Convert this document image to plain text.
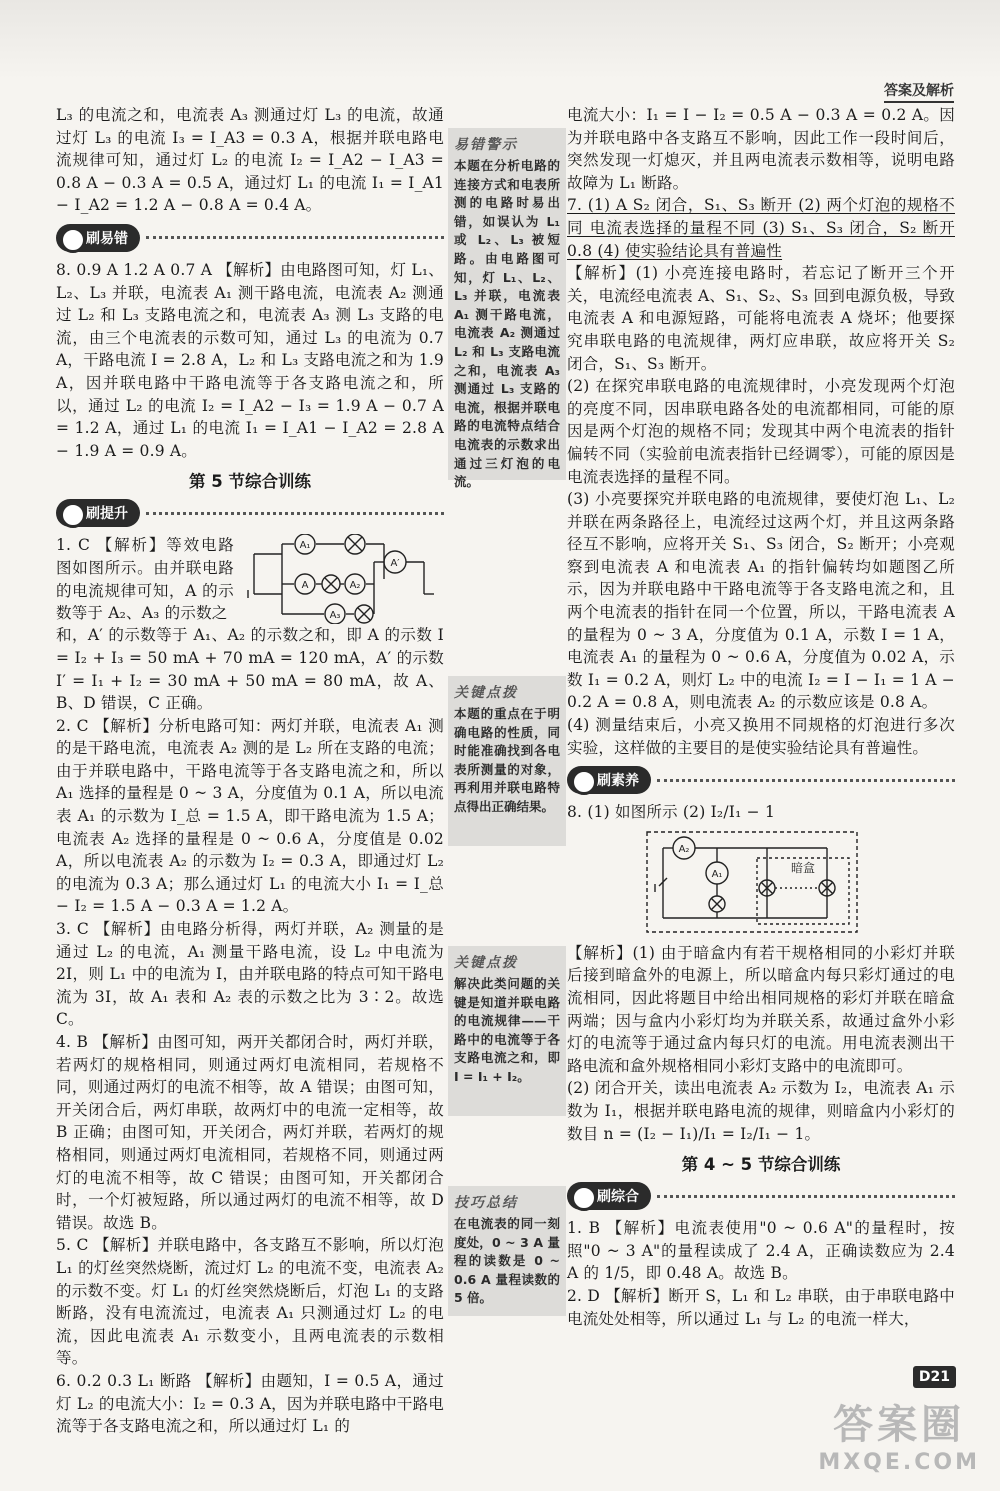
答案及解析

L₃ 的电流之和，电流表 A₃ 测通过灯 L₃ 的电流，故通过灯 L₃ 的电流 I₃ = I_A3 = 0.3 A，根据并联电路电流规律可知，通过灯 L₂ 的电流 I₂ = I_A2 − I_A3 = 0.8 A − 0.3 A = 0.5 A，通过灯 L₁ 的电流 I₁ = I_A1 − I_A2 = 1.2 A − 0.8 A = 0.4 A。

刷易错

8. 0.9 A 1.2 A 0.7 A 【解析】由电路图可知，灯 L₁、L₂、L₃ 并联，电流表 A₁ 测干路电流，电流表 A₂ 测通过 L₂ 和 L₃ 支路电流之和，电流表 A₃ 测 L₃ 支路的电流，由三个电流表的示数可知，通过 L₃ 的电流为 0.7 A，干路电流 I = 2.8 A，L₂ 和 L₃ 支路电流之和为 1.9 A，因并联电路中干路电流等于各支路电流之和，所以，通过 L₂ 的电流 I₂ = I_A2 − I₃ = 1.9 A − 0.7 A = 1.2 A，通过 L₁ 的电流 I₁ = I_A1 − I_A2 = 2.8 A − 1.9 A = 0.9 A。

第 5 节综合训练
刷提升

1. C 【解析】等效电路图如图所示。由并联电路的电流规律可知，A 的示数等于 A₂、A₃ 的示数之

A₁
A′
A	A₂
A₃

和，A′ 的示数等于 A₁、A₂ 的示数之和，即 A 的示数 I = I₂ + I₃ = 50 mA + 70 mA = 120 mA，A′ 的示数 I′ = I₁ + I₂ = 30 mA + 50 mA = 80 mA，故 A、B、D 错误，C 正确。

2. C 【解析】分析电路可知：两灯并联，电流表 A₁ 测的是干路电流，电流表 A₂ 测的是 L₂ 所在支路的电流；由于并联电路中，干路电流等于各支路电流之和，所以 A₁ 选择的量程是 0 ~ 3 A，分度值为 0.1 A，所以电流表 A₁ 的示数为 I_总 = 1.5 A，即干路电流为 1.5 A；电流表 A₂ 选择的量程是 0 ~ 0.6 A，分度值是 0.02 A，所以电流表 A₂ 的示数为 I₂ = 0.3 A，即通过灯 L₂ 的电流为 0.3 A；那么通过灯 L₁ 的电流大小 I₁ = I_总 − I₂ = 1.5 A − 0.3 A = 1.2 A。

3. C 【解析】由电路分析得，两灯并联，A₂ 测量的是通过 L₂ 的电流，A₁ 测量干路电流，设 L₂ 中电流为 2I，则 L₁ 中的电流为 I，由并联电路的特点可知干路电流为 3I，故 A₁ 表和 A₂ 表的示数之比为 3∶2。故选 C。

4. B 【解析】由图可知，两开关都闭合时，两灯并联，若两灯的规格相同，则通过两灯电流相同，若规格不同，则通过两灯的电流不相等，故 A 错误；由图可知，开关闭合后，两灯串联，故两灯中的电流一定相等，故 B 正确；由图可知，开关闭合，两灯并联，若两灯的规格相同，则通过两灯电流相同，若规格不同，则通过两灯的电流不相等，故 C 错误；由图可知，开关都闭合时，一个灯被短路，所以通过两灯的电流不相等，故 D 错误。故选 B。

5. C 【解析】并联电路中，各支路互不影响，所以灯泡 L₁ 的灯丝突然烧断，流过灯 L₂ 的电流不变，电流表 A₂ 的示数不变。灯 L₁ 的灯丝突然烧断后，灯泡 L₁ 的支路断路，没有电流流过，电流表 A₁ 只测通过灯 L₂ 的电流，因此电流表 A₁ 示数变小，且两电流表的示数相等。

6. 0.2 0.3 L₁ 断路 【解析】由题知，I = 0.5 A，通过灯 L₂ 的电流大小：I₂ = 0.3 A，因为并联电路中干路电流等于各支路电流之和，所以通过灯 L₁ 的

易错警示
本题在分析电路的连接方式和电表所测的电路时易出错，如误认为 L₁ 或 L₂、L₃ 被短路。由电路图可知，灯 L₁、L₂、L₃ 并联，电流表 A₁ 测干路电流，电流表 A₂ 测通过 L₂ 和 L₃ 支路电流之和，电流表 A₃ 测通过 L₃ 支路的电流，根据并联电路的电流特点结合电流表的示数求出通过三灯泡的电流。
关键点拨
本题的重点在于明确电路的性质，同时能准确找到各电表所测量的对象，再利用并联电路特点得出正确结果。
关键点拨
解决此类问题的关键是知道并联电路的电流规律——干路中的电流等于各支路电流之和，即 I = I₁ + I₂。
技巧总结
在电流表的同一刻度处，0 ~ 3 A 量程的读数是 0 ~ 0.6 A 量程读数的 5 倍。

电流大小：I₁ = I − I₂ = 0.5 A − 0.3 A = 0.2 A。因为并联电路中各支路互不影响，因此工作一段时间后，突然发现一灯熄灭，并且两电流表示数相等，说明电路故障为 L₁ 断路。

7. (1) A S₂ 闭合，S₁、S₃ 断开 (2) 两个灯泡的规格不同 电流表选择的量程不同 (3) S₁、S₃ 闭合，S₂ 断开 0.8 (4) 使实验结论具有普遍性

【解析】(1) 小亮连接电路时，若忘记了断开三个开关，电流经电流表 A、S₁、S₂、S₃ 回到电源负极，导致电流表 A 和电源短路，可能将电流表 A 烧坏；他要探究串联电路的电流规律，两灯应串联，故应将开关 S₂ 闭合，S₁、S₃ 断开。

(2) 在探究串联电路的电流规律时，小亮发现两个灯泡的亮度不同，因串联电路各处的电流都相同，可能的原因是两个灯泡的规格不同；发现其中两个电流表的指针偏转不同（实验前电流表指针已经调零），可能的原因是电流表选择的量程不同。

(3) 小亮要探究并联电路的电流规律，要使灯泡 L₁、L₂ 并联在两条路径上，电流经过这两个灯，并且这两条路径互不影响，应将开关 S₁、S₃ 闭合，S₂ 断开；小亮观察到电流表 A 和电流表 A₁ 的指针偏转均如题图乙所示，因为并联电路中干路电流等于各支路电流之和，且两个电流表的指针在同一个位置，所以，干路电流表 A 的量程为 0 ~ 3 A，分度值为 0.1 A，示数 I = 1 A，电流表 A₁ 的量程为 0 ~ 0.6 A，分度值为 0.02 A，示数 I₁ = 0.2 A，则灯 L₂ 中的电流 I₂ = I − I₁ = 1 A − 0.2 A = 0.8 A，则电流表 A₂ 的示数应该是 0.8 A。

(4) 测量结束后，小亮又换用不同规格的灯泡进行多次实验，这样做的主要目的是使实验结论具有普遍性。

刷素养

8. (1) 如图所示 (2) I₂/I₁ − 1

A₂
A₁	暗盒

【解析】(1) 由于暗盒内有若干规格相同的小彩灯并联后接到暗盒外的电源上，所以暗盒内每只彩灯通过的电流相同，因此将题目中给出相同规格的彩灯并联在暗盒两端；因与盒内小彩灯均为并联关系，故通过盒外小彩灯的电流等于通过盒内每只灯的电流。用电流表测出干路电流和盒外规格相同小彩灯支路中的电流即可。

(2) 闭合开关，读出电流表 A₂ 示数为 I₂，电流表 A₁ 示数为 I₁，根据并联电路电流的规律，则暗盒内小彩灯的数目 n = (I₂ − I₁)/I₁ = I₂/I₁ − 1。

第 4 ~ 5 节综合训练
刷综合

1. B 【解析】电流表使用"0 ~ 0.6 A"的量程时，按照"0 ~ 3 A"的量程读成了 2.4 A，正确读数应为 2.4 A 的 1/5，即 0.48 A。故选 B。

2. D 【解析】断开 S，L₁ 和 L₂ 串联，由于串联电路中电流处处相等，所以通过 L₁ 与 L₂ 的电流一样大，

D21
答案圈
MXQE.COM
